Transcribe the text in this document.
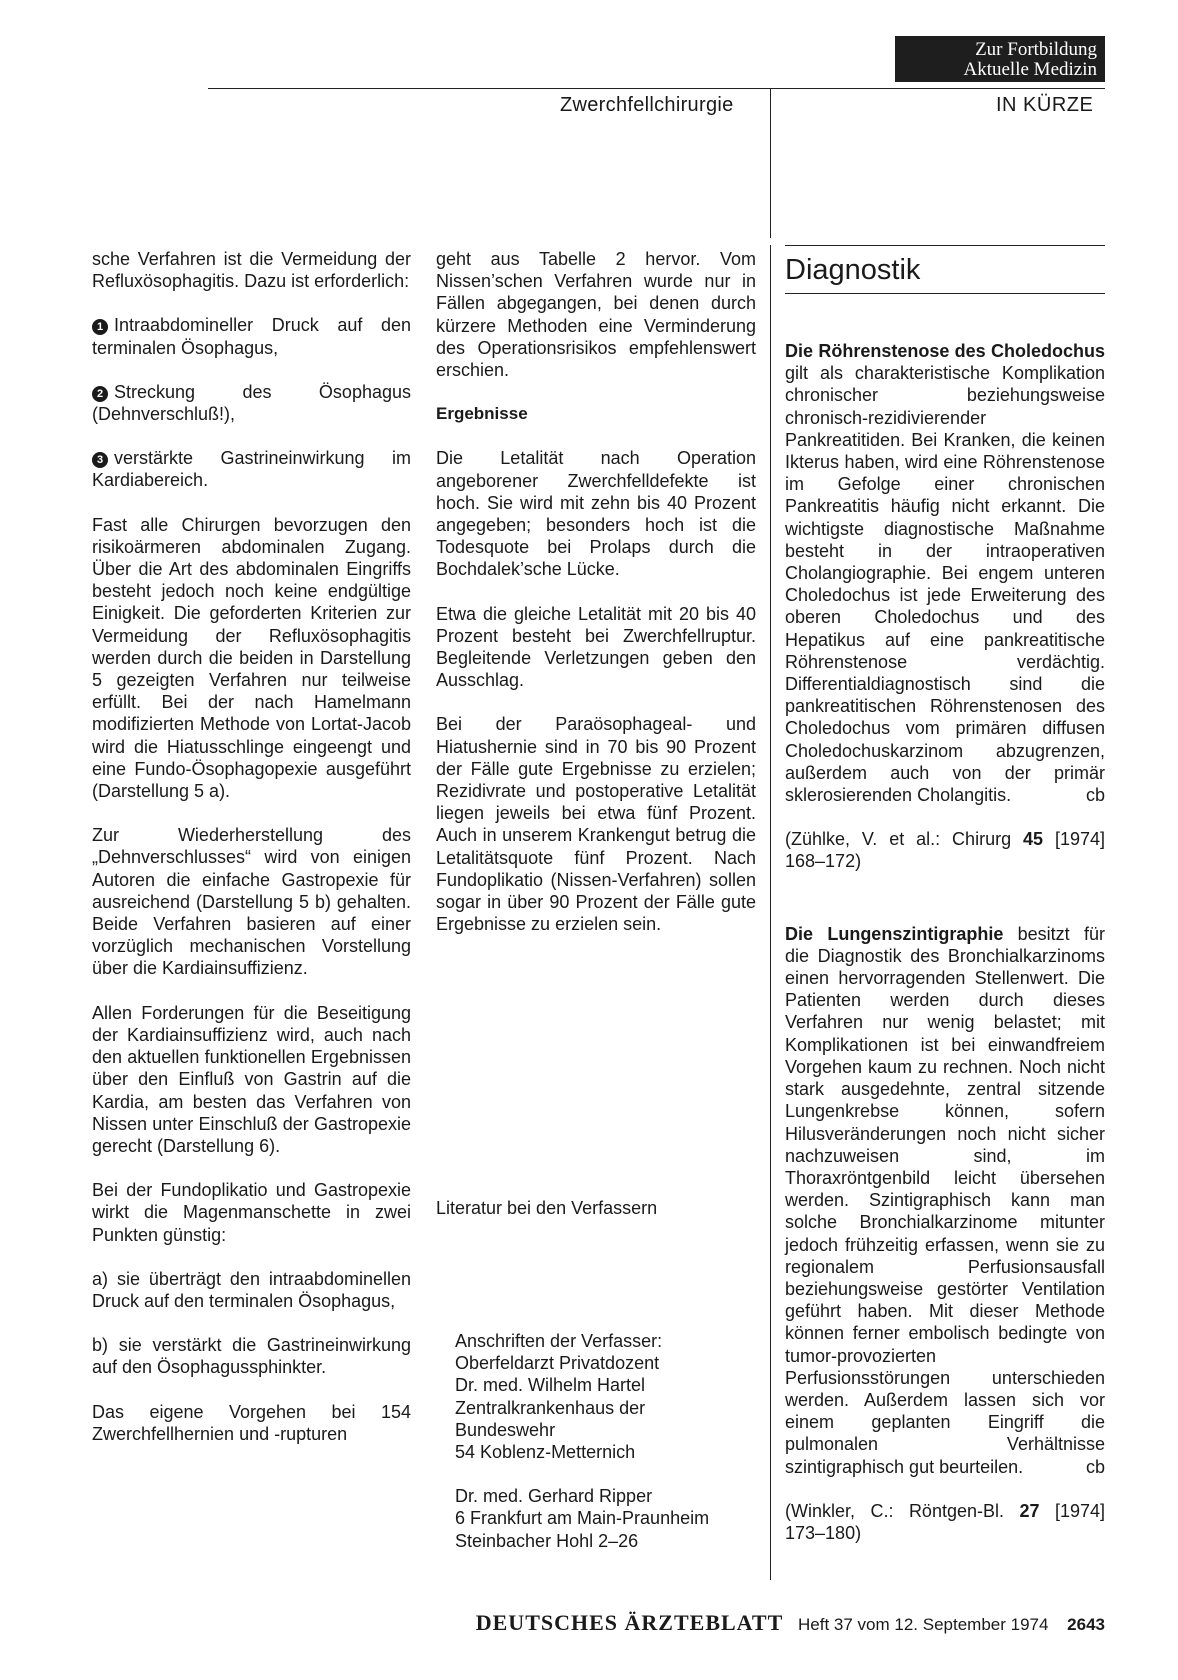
Zur Fortbildung
Aktuelle Medizin
Zwerchfellchirurgie	IN KÜRZE

sche Verfahren ist die Vermeidung der Refluxösophagitis. Dazu ist erforderlich:

1 Intraabdomineller Druck auf den terminalen Ösophagus,

2 Streckung des Ösophagus (Dehnverschluß!),

3 verstärkte Gastrineinwirkung im Kardiabereich.

Fast alle Chirurgen bevorzugen den risikoärmeren abdominalen Zugang. Über die Art des abdominalen Eingriffs besteht jedoch noch keine endgültige Einigkeit. Die geforderten Kriterien zur Vermeidung der Refluxösophagitis werden durch die beiden in Darstellung 5 gezeigten Verfahren nur teilweise erfüllt. Bei der nach Hamelmann modifizierten Methode von Lortat-Jacob wird die Hiatusschlinge eingeengt und eine Fundo-Ösophagopexie ausgeführt (Darstellung 5 a).

Zur Wiederherstellung des „Dehnverschlusses“ wird von einigen Autoren die einfache Gastropexie für ausreichend (Darstellung 5 b) gehalten. Beide Verfahren basieren auf einer vorzüglich mechanischen Vorstellung über die Kardiainsuffizienz.

Allen Forderungen für die Beseitigung der Kardiainsuffizienz wird, auch nach den aktuellen funktionellen Ergebnissen über den Einfluß von Gastrin auf die Kardia, am besten das Verfahren von Nissen unter Einschluß der Gastropexie gerecht (Darstellung 6).

Bei der Fundoplikatio und Gastropexie wirkt die Magenmanschette in zwei Punkten günstig:

a) sie überträgt den intraabdominellen Druck auf den terminalen Ösophagus,

b) sie verstärkt die Gastrineinwirkung auf den Ösophagussphinkter.

Das eigene Vorgehen bei 154 Zwerchfellhernien und -rupturen

geht aus Tabelle 2 hervor. Vom Nissen’schen Verfahren wurde nur in Fällen abgegangen, bei denen durch kürzere Methoden eine Verminderung des Operationsrisikos empfehlenswert erschien.

Ergebnisse

Die Letalität nach Operation angeborener Zwerchfelldefekte ist hoch. Sie wird mit zehn bis 40 Prozent angegeben; besonders hoch ist die Todesquote bei Prolaps durch die Bochdalek’sche Lücke.

Etwa die gleiche Letalität mit 20 bis 40 Prozent besteht bei Zwerchfellruptur. Begleitende Verletzungen geben den Ausschlag.

Bei der Paraösophageal- und Hiatushernie sind in 70 bis 90 Prozent der Fälle gute Ergebnisse zu erzielen; Rezidivrate und postoperative Letalität liegen jeweils bei etwa fünf Prozent. Auch in unserem Krankengut betrug die Letalitätsquote fünf Prozent. Nach Fundoplikatio (Nissen-Verfahren) sollen sogar in über 90 Prozent der Fälle gute Ergebnisse zu erzielen sein.

Literatur bei den Verfassern
Anschriften der Verfasser:
Oberfeldarzt Privatdozent
Dr. med. Wilhelm Hartel
Zentralkrankenhaus der
Bundeswehr
54 Koblenz-Metternich
Dr. med. Gerhard Ripper
6 Frankfurt am Main-Praunheim
Steinbacher Hohl 2–26
Diagnostik

Die Röhrenstenose des Choledochus gilt als charakteristische Komplikation chronischer beziehungsweise chronisch-rezidivierender Pankreatitiden. Bei Kranken, die keinen Ikterus haben, wird eine Röhrenstenose im Gefolge einer chronischen Pankreatitis häufig nicht erkannt. Die wichtigste diagnostische Maßnahme besteht in der intraoperativen Cholangiographie. Bei engem unteren Choledochus ist jede Erweiterung des oberen Choledochus und des Hepatikus auf eine pankreatitische Röhrenstenose verdächtig. Differentialdiagnostisch sind die pankreatitischen Röhrenstenosen des Choledochus vom primären diffusen Choledochuskarzinom abzugrenzen, außerdem auch von der primär sklerosierenden Cholangitis.	cb

(Zühlke, V. et al.: Chirurg 45 [1974] 168–172)

Die Lungenszintigraphie besitzt für die Diagnostik des Bronchialkarzinoms einen hervorragenden Stellenwert. Die Patienten werden durch dieses Verfahren nur wenig belastet; mit Komplikationen ist bei einwandfreiem Vorgehen kaum zu rechnen. Noch nicht stark ausgedehnte, zentral sitzende Lungenkrebse können, sofern Hilusveränderungen noch nicht sicher nachzuweisen sind, im Thoraxröntgenbild leicht übersehen werden. Szintigraphisch kann man solche Bronchialkarzinome mitunter jedoch frühzeitig erfassen, wenn sie zu regionalem Perfusionsausfall beziehungsweise gestörter Ventilation geführt haben. Mit dieser Methode können ferner embolisch bedingte von tumor-provozierten Perfusionsstörungen unterschieden werden. Außerdem lassen sich vor einem geplanten Eingriff die pulmonalen Verhältnisse szintigraphisch gut beurteilen.	cb

(Winkler, C.: Röntgen-Bl. 27 [1974] 173–180)

DEUTSCHES ÄRZTEBLATT Heft 37 vom 12. September 1974 2643
